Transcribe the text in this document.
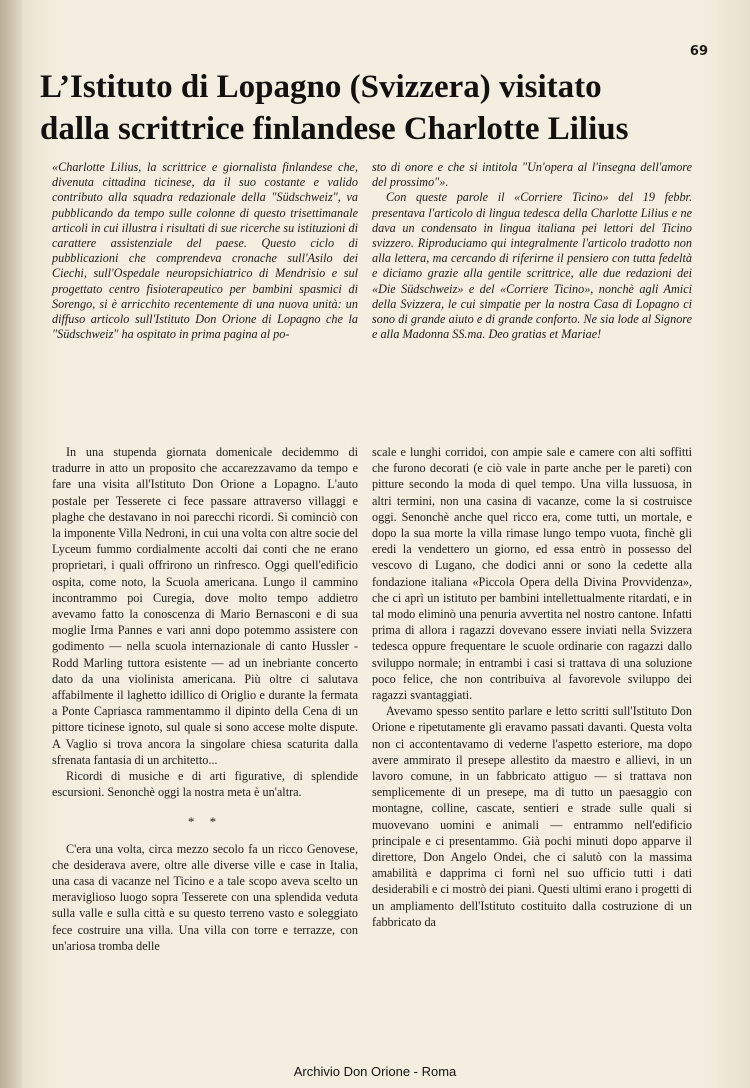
69
L’Istituto di Lopagno (Svizzera) visitato
dalla scrittrice finlandese Charlotte Lilius

«Charlotte Lilius, la scrittrice e giornalista finlandese che, divenuta cittadina ticinese, da il suo costante e valido contributo alla squadra redazionale della "Südschweiz", va pubblicando da tempo sulle colonne di questo trisettimanale articoli in cui illustra i risultati di sue ricerche su istituzioni di carattere assistenziale del paese. Questo ciclo di pubblicazioni che comprendeva cronache sull'Asilo dei Ciechi, sull'Ospedale neuropsichiatrico di Mendrisio e sul progettato centro fisioterapeutico per bambini spasmici di Sorengo, si è arricchito recentemente di una nuova unità: un diffuso articolo sull'Istituto Don Orione di Lopagno che la "Südschweiz" ha ospitato in prima pagina al po-

sto di onore e che si intitola "Un'opera al l'insegna dell'amore del prossimo"».

Con queste parole il «Corriere Ticino» del 19 febbr. presentava l'articolo di lingua tedesca della Charlotte Lilius e ne dava un condensato in lingua italiana pei lettori del Ticino svizzero. Riproduciamo qui integralmente l'articolo tradotto non alla lettera, ma cercando di riferirne il pensiero con tutta fedeltà e diciamo grazie alla gentile scrittrice, alle due redazioni dei «Die Südschweiz» e del «Corriere Ticino», nonchè agli Amici della Svizzera, le cui simpatie per la nostra Casa di Lopagno ci sono di grande aiuto e di grande conforto. Ne sia lode al Signore e alla Madonna SS.ma. Deo gratias et Mariae!

In una stupenda giornata domenicale decidemmo di tradurre in atto un proposito che accarezzavamo da tempo e fare una visita all'Istituto Don Orione a Lopagno. L'auto postale per Tesserete ci fece passare attraverso villaggi e plaghe che destavano in noi parecchi ricordi. Si cominciò con la imponente Villa Nedroni, in cui una volta con altre socie del Lyceum fummo cordialmente accolti dai conti che ne erano proprietari, i quali offrirono un rinfresco. Oggi quell'edificio ospita, come noto, la Scuola americana. Lungo il cammino incontrammo poi Curegia, dove molto tempo addietro avevamo fatto la conoscenza di Mario Bernasconi e di sua moglie Irma Pannes e vari anni dopo potemmo assistere con godimento — nella scuola internazionale di canto Hussler - Rodd Marling tuttora esistente — ad un inebriante concerto dato da una violinista americana. Più oltre ci salutava affabilmente il laghetto idillico di Origlio e durante la fermata a Ponte Capriasca rammentammo il dipinto della Cena di un pittore ticinese ignoto, sul quale si sono accese molte dispute. A Vaglio si trova ancora la singolare chiesa scaturita dalla sfrenata fantasia di un architetto...

Ricordi di musiche e di arti figurative, di splendide escursioni. Senonchè oggi la nostra meta è un'altra.

* *

C'era una volta, circa mezzo secolo fa un ricco Genovese, che desiderava avere, oltre alle diverse ville e case in Italia, una casa di vacanze nel Ticino e a tale scopo aveva scelto un meraviglioso luogo sopra Tesserete con una splendida veduta sulla valle e sulla città e su questo terreno vasto e soleggiato fece costruire una villa. Una villa con torre e terrazze, con un'ariosa tromba delle

scale e lunghi corridoi, con ampie sale e camere con alti soffitti che furono decorati (e ciò vale in parte anche per le pareti) con pitture secondo la moda di quel tempo. Una villa lussuosa, in altri termini, non una casina di vacanze, come la si costruisce oggi. Senonchè anche quel ricco era, come tutti, un mortale, e dopo la sua morte la villa rimase lungo tempo vuota, finchè gli eredi la vendettero un giorno, ed essa entrò in possesso del vescovo di Lugano, che dodici anni or sono la cedette alla fondazione italiana «Piccola Opera della Divina Provvidenza», che ci aprì un istituto per bambini intellettualmente ritardati, e in tal modo eliminò una penuria avvertita nel nostro cantone. Infatti prima di allora i ragazzi dovevano essere inviati nella Svizzera tedesca oppure frequentare le scuole ordinarie con ragazzi dallo sviluppo normale; in entrambi i casi si trattava di una soluzione poco felice, che non contribuiva al favorevole sviluppo dei ragazzi svantaggiati.

Avevamo spesso sentito parlare e letto scritti sull'Istituto Don Orione e ripetutamente gli eravamo passati davanti. Questa volta non ci accontentavamo di vederne l'aspetto esteriore, ma dopo avere ammirato il presepe allestito da maestro e allievi, in un lavoro comune, in un fabbricato attiguo — si trattava non semplicemente di un presepe, ma di tutto un paesaggio con montagne, colline, cascate, sentieri e strade sulle quali si muovevano uomini e animali — entrammo nell'edificio principale e ci presentammo. Già pochi minuti dopo apparve il direttore, Don Angelo Ondei, che ci salutò con la massima amabilità e dapprima ci fornì nel suo ufficio tutti i dati desiderabili e ci mostrò dei piani. Questi ultimi erano i progetti di un ampliamento dell'Istituto costituito dalla costruzione di un fabbricato da

Archivio Don Orione - Roma
